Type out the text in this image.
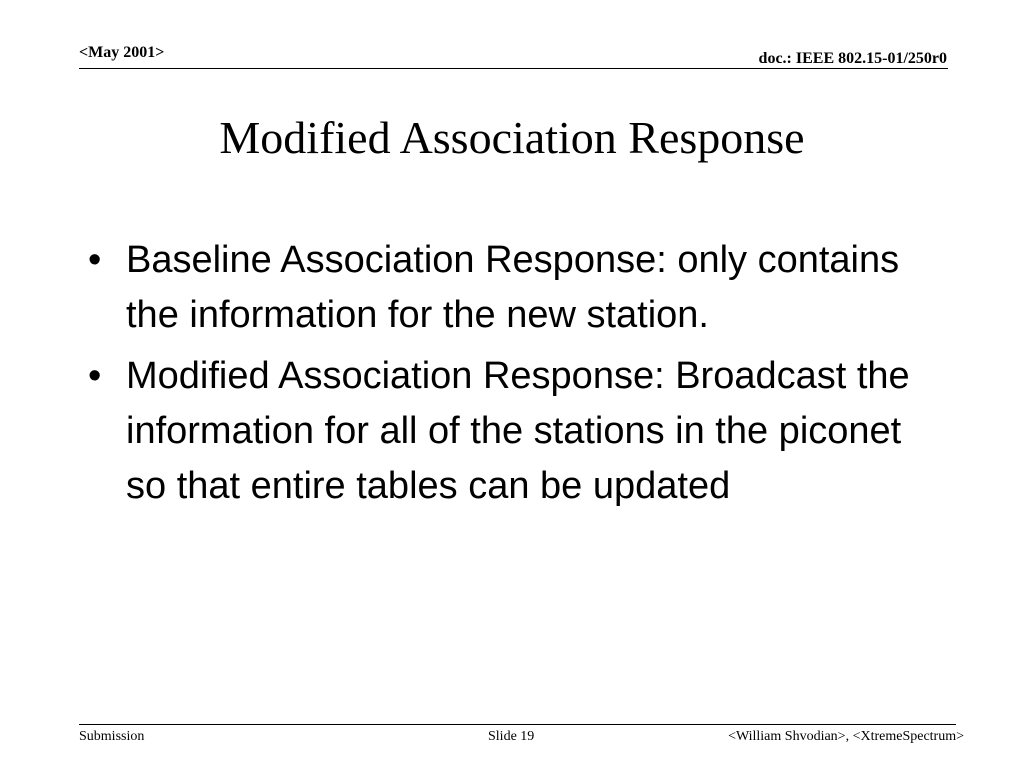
<May 2001>	doc.: IEEE 802.15-01/250r0
Modified Association Response
• Baseline Association Response: only contains the information for the new station.
• Modified Association Response: Broadcast the information for all of the stations in the piconet so that entire tables can be updated
Submission	Slide 19	<William Shvodian>, <XtremeSpectrum>
